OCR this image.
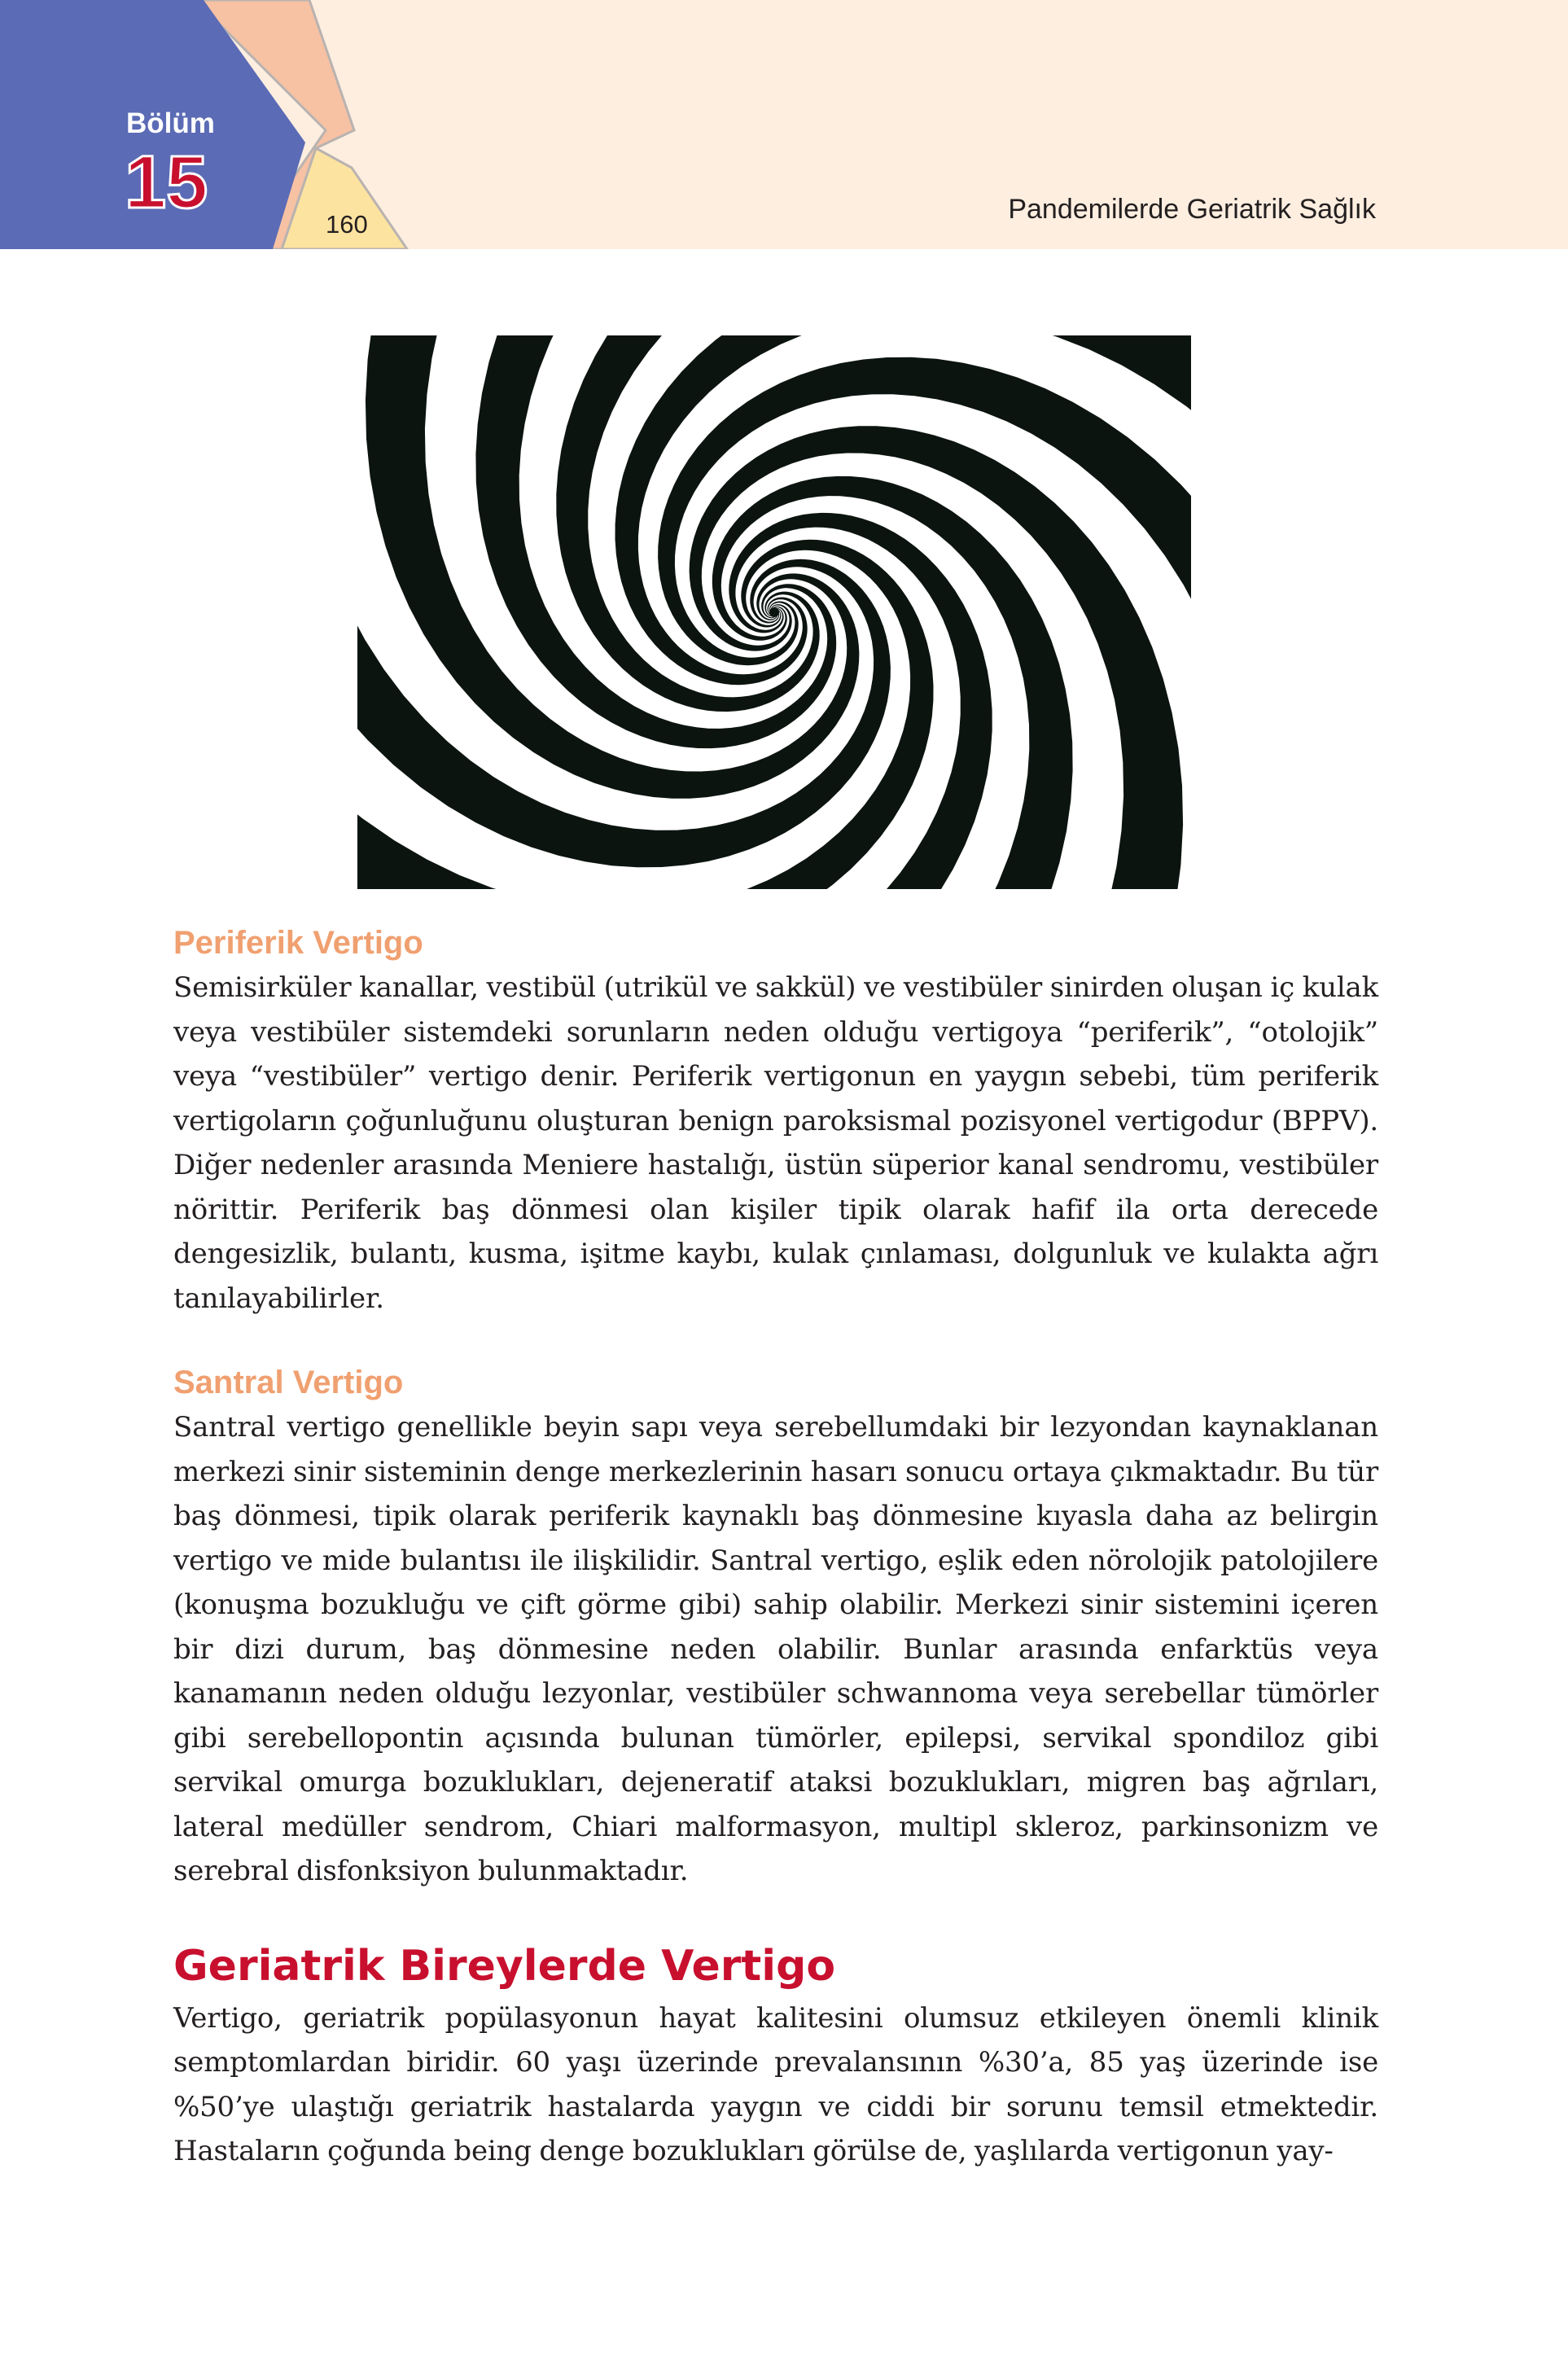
Bölüm
15
160	Pandemilerde Geriatrik Sağlık
Periferik Vertigo

Semisirküler kanallar, vestibül (utrikül ve sakkül) ve vestibüler sinirden oluşan iç kulak veya vestibüler sistemdeki sorunların neden olduğu vertigoya “periferik”, “otolojik” veya “vestibüler” vertigo denir. Periferik vertigonun en yaygın sebebi, tüm periferik vertigoların çoğunluğunu oluşturan benign paroksismal pozisyonel vertigodur (BPPV). Diğer nedenler arasında Meniere hastalığı, üstün süperior kanal sendromu, vestibüler nörittir. Periferik baş dönmesi olan kişiler tipik olarak hafif ila orta derecede dengesizlik, bulantı, kusma, işitme kaybı, kulak çınlaması, dolgunluk ve kulakta ağrı tanılayabilirler.

Santral Vertigo

Santral vertigo genellikle beyin sapı veya serebellumdaki bir lezyondan kaynaklanan merkezi sinir sisteminin denge merkezlerinin hasarı sonucu ortaya çıkmaktadır. Bu tür baş dönmesi, tipik olarak periferik kaynaklı baş dönmesine kıyasla daha az belirgin vertigo ve mide bulantısı ile ilişkilidir. Santral vertigo, eşlik eden nörolojik patolojilere (konuşma bozukluğu ve çift görme gibi) sahip olabilir. Merkezi sinir sistemini içeren bir dizi durum, baş dönmesine neden olabilir. Bunlar arasında enfarktüs veya kanamanın neden olduğu lezyonlar, vestibüler schwannoma veya serebellar tümörler gibi serebellopontin açısında bulunan tümörler, epilepsi, servikal spondiloz gibi servikal omurga bozuklukları, dejeneratif ataksi bozuklukları, migren baş ağrıları, lateral medüller sendrom, Chiari malformasyon, multipl skleroz, parkinsonizm ve serebral disfonksiyon bulunmaktadır.

Geriatrik Bireylerde Vertigo

Vertigo, geriatrik popülasyonun hayat kalitesini olumsuz etkileyen önemli klinik semptomlardan biridir. 60 yaşı üzerinde prevalansının %30’a, 85 yaş üzerinde ise %50’ye ulaştığı geriatrik hastalarda yaygın ve ciddi bir sorunu temsil etmektedir. Hastaların çoğunda being denge bozuklukları görülse de, yaşlılarda vertigonun yay-
